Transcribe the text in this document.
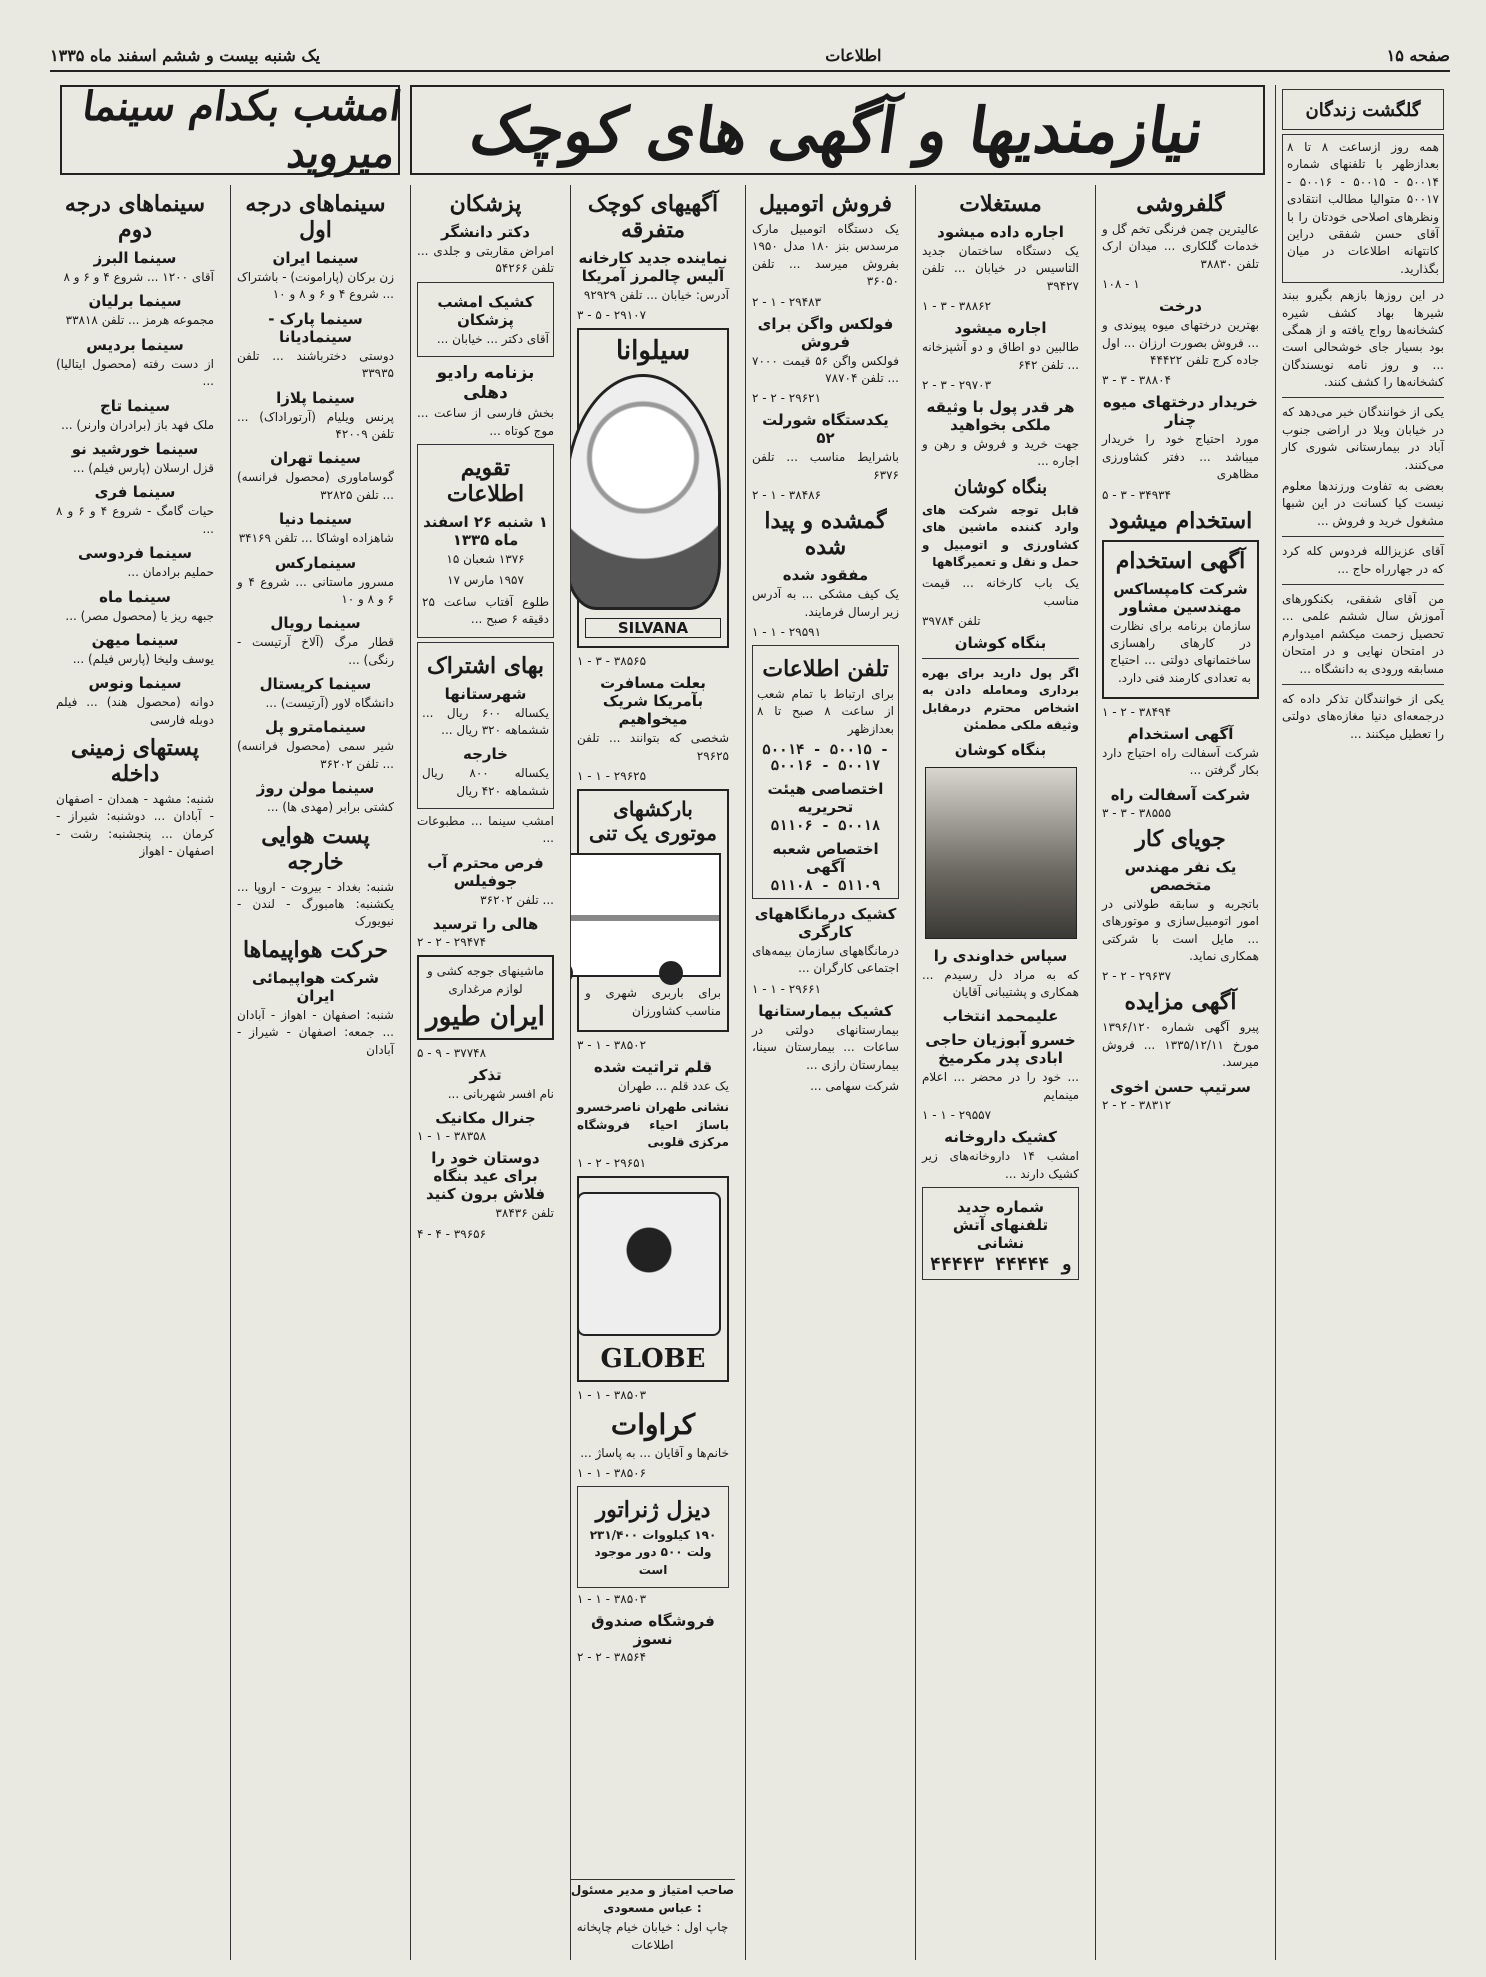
صفحه ۱۵
اطلاعات
یک شنبه بیست و ششم اسفند ماه ۱۳۳۵
گلگشت زندگان
همه روز ازساعت ۸ تا ۸ بعدازظهر با تلفنهای شماره ۵۰۰۱۴ - ۵۰۰۱۵ - ۵۰۰۱۶ - ۵۰۰۱۷ متوالیا مطالب انتقادی ونظرهای اصلاحی خودتان را با آقای حسن شفقی دراین کانتهانه اطلاعات در میان بگذارید.

در این روزها بازهم بگیرو ببند شیرها بهاد کشف شیره کشخانه‌ها رواج یافته و از همگی بود بسیار جای خوشحالی است ... و روز نامه نویسندگان کشخانه‌ها را کشف کنند.

یکی از خوانندگان خبر می‌دهد که در خیابان ویلا در اراضی جنوب آباد در بیمارستانی شوری کار می‌کنند.

بعضی به تفاوت ورزندها معلوم نیست کیا کسانت در این شبها مشغول خرید و فروش ...

آقای عزیزالله فردوس کله کرد که در جهارراه حاج ...

من آقای شفقی، بکنکورهای آموزش سال ششم علمی ... تحصیل زحمت میکشم امیدوارم در امتحان نهایی و در امتحان مسابقه ورودی به دانشگاه ...

یکی از خوانندگان تذکر داده که درجمعه‌ای دنیا مغازه‌های دولتی را تعطیل میکنند ...

نیازمندیها و آگهی های کوچک
امشب بکدام سینما میروید
گلفروشی

عالیترین چمن فرنگی تخم گل و خدمات گلکاری ... میدان ارک تلفن ۳۸۸۳۰

۱۰۸ - ۱

درخت

بهترین درختهای میوه پیوندی و ... فروش بصورت ارزان ... اول جاده کرج تلفن ۴۴۴۲۲

۳ - ۳ - ۳۸۸۰۴

خریدار درختهای میوه چنار

مورد احتیاج خود را خریدار میباشد ... دفتر کشاورزی مظاهری

۵ - ۳ - ۳۴۹۳۴

استخدام میشود
آگهی استخدام
شرکت کامپساکس مهندسین مشاور

سازمان برنامه برای نظارت در کارهای راهسازی ساختمانهای دولتی ... احتیاج به تعدادی کارمند فنی دارد.

۱ - ۲ - ۳۸۴۹۴

آگهی استخدام

شرکت آسفالت راه احتیاج دارد بکار گرفتن ...

شرکت آسفالت راه

۳ - ۳ - ۳۸۵۵۵

جویای کار
یک نفر مهندس متخصص

باتجربه و سابقه طولانی در امور اتومبیل‌سازی و موتورهای ... مایل است با شرکتی همکاری نماید.

۲ - ۲ - ۲۹۶۳۷

آگهی مزایده

پیرو آگهی شماره ۱۳۹۶/۱۲۰ مورخ ۱۳۳۵/۱۲/۱۱ ... فروش میرسد.

سرتیپ حسن اخوی

۲ - ۲ - ۳۸۳۱۲

مستغلات
اجاره داده میشود

یک دستگاه ساختمان جدید التاسیس در خیابان ... تلفن ۳۹۴۲۷

۱ - ۳ - ۳۸۸۶۲

اجاره میشود

طالبین دو اطاق و دو آشپزخانه ... تلفن ۶۴۲

۲ - ۳ - ۲۹۷۰۳

هر قدر پول با وثیقه ملکی بخواهید

جهت خرید و فروش و رهن و اجاره ...

بنگاه کوشان

قابل توجه شرکت های وارد کننده ماشین های کشاورزی و اتومبیل و حمل و نقل و تعمیرگاهها

یک باب کارخانه ... قیمت مناسب

تلفن ۳۹۷۸۴

بنگاه کوشان

اگر پول دارید برای بهره برداری ومعامله دادن به اشخاص محترم درمقابل وثیقه ملکی مطمئن

بنگاه کوشان
سپاس خداوندی را

که به مراد دل رسیدم ... همکاری و پشتیبانی آقایان

علیمحمد انتخاب
خسرو آبوزیان حاجی ابادی پدر مکرمیخ

... خود را در محضر ... اعلام مینمایم

۱ - ۱ - ۲۹۵۵۷

کشیک داروخانه

امشب ۱۴ داروخانه‌های زیر کشیک دارند ...

شماره جدید تلفنهای آتش نشانی
۴۴۴۴۳ و ۴۴۴۴۴
فروش اتومبیل

یک دستگاه اتومبیل مارک مرسدس بنز ۱۸۰ مدل ۱۹۵۰ بفروش میرسد ... تلفن ۳۶۰۵۰

۲ - ۱ - ۲۹۴۸۳

فولکس واگن برای فروش

فولکس واگن ۵۶ قیمت ۷۰۰۰ ... تلفن ۷۸۷۰۴

۲ - ۲ - ۲۹۶۲۱

یکدستگاه شورلت ۵۲

باشرایط مناسب ... تلفن ۶۳۷۶

۲ - ۱ - ۳۸۴۸۶

گمشده و پیدا شده
مفقود شده

یک کیف مشکی ... به آدرس زیر ارسال فرمایند.

۱ - ۱ - ۲۹۵۹۱

تلفن اطلاعات

برای ارتباط با تمام شعب از ساعت ۸ صبح تا ۸ بعدازظهر

۵۰۰۱۴ - ۵۰۰۱۵ - ۵۰۰۱۶ - ۵۰۰۱۷
اختصاصی هیئت تحریریه
۵۱۱۰۶ - ۵۰۰۱۸
اختصاص شعبه آگهی
۵۱۱۰۸ - ۵۱۱۰۹
کشیک درمانگاههای کارگری

درمانگاههای سازمان بیمه‌های اجتماعی کارگران ...

۱ - ۱ - ۲۹۶۶۱

کشیک بیمارستانها

بیمارستانهای دولتی در ساعات ... بیمارستان سینا، بیمارستان رازی ...

شرکت سهامی ...

آگهیهای کوچک متفرقه
نماینده جدید کارخانه آلیس چالمرز آمریکا

آدرس: خیابان ... تلفن ۹۲۹۲۹

۳ - ۵ - ۲۹۱۰۷

سیلوانا
SILVANA

۱ - ۳ - ۳۸۵۶۵

بعلت مسافرت بآمریکا شریک میخواهیم

شخصی که بتوانند ... تلفن ۲۹۶۲۵

۱ - ۱ - ۲۹۶۲۵

بارکشهای موتوری یک تنی

برای باربری شهری و مناسب کشاورزان

۳ - ۱ - ۳۸۵۰۲

قلم تراتیت شده

یک عدد قلم ... طهران

نشانی طهران ناصرخسرو باساژ احیاء فروشگاه مرکزی قلوبی

۱ - ۲ - ۲۹۶۵۱

GLOBE

۱ - ۱ - ۳۸۵۰۳

کراوات

خانم‌ها و آقایان ... به‌ پاساژ ...

۱ - ۱ - ۳۸۵۰۶

دیزل ژنراتور

۱۹۰ کیلووات ۲۳۱/۴۰۰ ولت ۵۰۰ دور موجود است

۱ - ۱ - ۳۸۵۰۳

فروشگاه صندوق نسوز

۲ - ۲ - ۳۸۵۶۴

پزشکان
دکتر دانشگر

امراض مقاربتی و جلدی ... تلفن ۵۴۲۶۶

کشیک امشب پزشکان

آقای دکتر ... خیابان ...

بزنامه رادیو دهلی

بخش فارسی از ساعت ... موج کوتاه ...

تقویم اطلاعات
۱ شنبه ۲۶ اسفند ماه ۱۳۳۵

۱۳۷۶ شعبان ۱۵

۱۹۵۷ مارس ۱۷

طلوع آفتاب ساعت ۲۵ دقیقه ۶ صبح ...

بهای اشتراک
شهرستانها

یکساله ۶۰۰ ریال ... ششماهه ۳۲۰ ریال ...

خارجه

یکساله ۸۰۰ ریال ششماهه ۴۲۰ ریال

امشب سینما ... مطبوعات ...

فرص محترم آب جوفیلس

... تلفن ۳۶۲۰۲

هالی را ترسید

۲ - ۲ - ۲۹۴۷۴

ماشینهای جوجه کشی و لوازم مرغداری
ایران طیور

۵ - ۹ - ۳۷۷۴۸

تذکر

نام افسر شهربانی ...

جنرال مکانیک

۱ - ۱ - ۳۸۳۵۸

دوستان خود را برای عید بنگاه فلاش برون کنید

تلفن ۳۸۴۳۶

۴ - ۴ - ۳۹۶۵۶

سینماهای درجه اول
سینما ایران

زن برکان (پارامونت) - باشتراک ... شروع ۴ و ۶ و ۸ و ۱۰

سینما پارک - سینمادیانا

دوستی دخترباشند ... تلفن ۳۳۹۳۵

سینما پلازا

پرنس ویلیام (آرتوراداک) ... تلفن ۴۲۰۰۹

سینما تهران

گوساماوری (محصول فرانسه) ... تلفن ۳۲۸۲۵

سینما دنیا

شاهزاده اوشاکا ... تلفن ۳۴۱۶۹

سینمارکس

مسرور ماستانی ... شروع ۴ و ۶ و ۸ و ۱۰

سینما رویال

قطار مرگ (آلاخ آرتیست - رنگی) ...

سینما کریستال

دانشگاه لاور (آرتیست) ...

سینمامترو پل

شیر سمی (محصول فرانسه) ... تلفن ۳۶۲۰۲

سینما مولن روژ

کشتی برابر (مهدی ها) ...

پست هوایی خارجه

شنبه: بغداد - بیروت - اروپا ... یکشنبه: هامبورگ - لندن - نیویورک

حرکت هواپیماها
شرکت هواپیمائی ایران

شنبه: اصفهان - اهواز - آبادان ... جمعه: اصفهان - شیراز - آبادان

سینماهای درجه دوم
سینما البرز

آقای ۱۲۰۰ ... شروع ۴ و ۶ و ۸

سینما برلیان

مجموعه هرمز ... تلفن ۳۳۸۱۸

سینما بردیس

از دست رفته (محصول ایتالیا) ...

سینما تاج

ملک فهد باز (برادران وارنر) ...

سینما خورشید نو

قزل ارسلان (پارس فیلم) ...

سینما فری

حیات گامگ - شروع ۴ و ۶ و ۸ ...

سینما فردوسی

حملیم برادمان ...

سینما ماه

جبهه ریز یا (محصول مصر) ...

سینما میهن

یوسف ولیخا (پارس فیلم) ...

سینما ونوس

دوانه (محصول هند) ... فیلم دوبله فارسی

پستهای زمینی داخله

شنبه: مشهد - همدان - اصفهان - آبادان ... دوشنبه: شیراز - کرمان ... پنجشنبه: رشت - اصفهان - اهواز

صاحب امتیاز و مدیر مسئول : عباس مسعودی
چاپ اول : خیابان خیام چاپخانه اطلاعات
